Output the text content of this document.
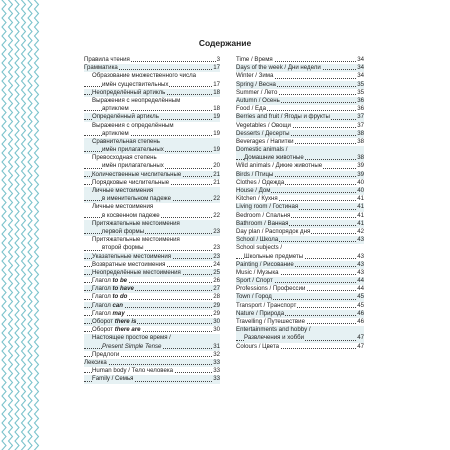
Содержание
Правила чтения	3
Грамматика	17
Образование множественного числа
имён существительных	17
Неопределённый артикль	18
Выражения с неопределённым
артиклем	18
Определённый артикль	19
Выражения с определённым
артиклем	19
Сравнительная степень
имён прилагательных	19
Превосходная степень
имён прилагательных	20
Количественные числительные	21
Порядковые числительные	21
Личные местоимения
в именительном падеже	22
Личные местоимения
в косвенном падеже	22
Притяжательные местоимения
первой формы	23
Притяжательные местоимения
второй формы	23
Указательные местоимения	23
Возвратные местоимения	24
Неопределённые местоимения	25
Глагол to be	26
Глагол to have	27
Глагол to do	28
Глагол can	29
Глагол may	29
Оборот there is	30
Оборот there are	30
Настоящее простое время /
Present Simple Tense	31
Предлоги	32
Лексика	33
Human body / Тело человека	33
Family / Семья	33
Time / Время	34
Days of the week / Дни недели	34
Winter / Зима	34
Spring / Весна	35
Summer / Лето	35
Autumn / Осень	36
Food / Еда	36
Berries and fruit / Ягоды и фрукты	37
Vegetables / Овощи	37
Desserts / Десерты	38
Beverages / Напитки	38
Domestic animals /
Домашние животные	38
Wild animals / Дикие животные	39
Birds / Птицы	39
Clothes / Одежда	40
House / Дом	40
Kitchen / Кухня	41
Living room / Гостиная	41
Bedroom / Спальня	41
Bathroom / Ванная	41
Day plan / Распорядок дня	42
School / Школа	43
School subjects /
Школьные предметы	43
Painting / Рисование	43
Music / Музыка	43
Sport / Спорт	44
Professions / Профессии	44
Town / Город	45
Transport / Транспорт	45
Nature / Природа	46
Travelling / Путешествие	46
Entertainments and hobby /
Развлечения и хобби	47
Colours / Цвета	47
